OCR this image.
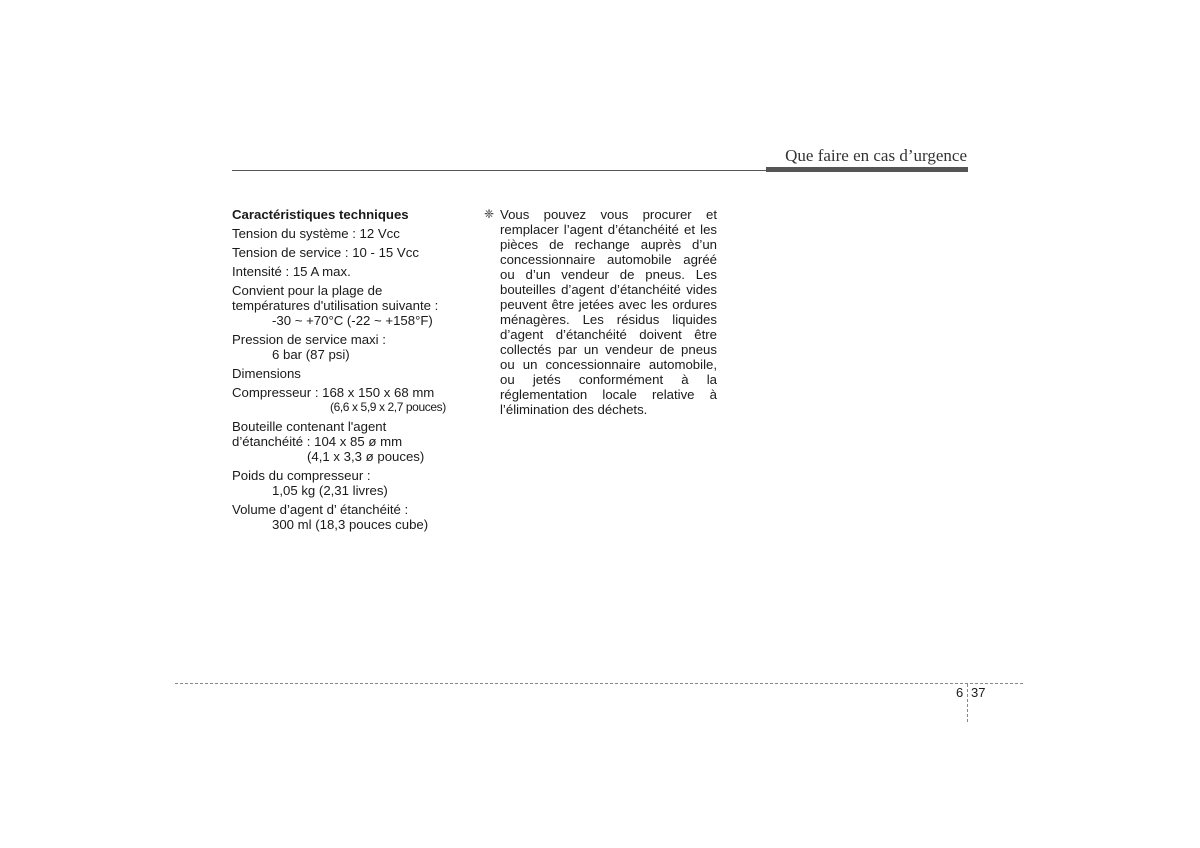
Que faire en cas d’urgence
Caractéristiques techniques
Tension du système : 12 Vcc
Tension de service : 10 - 15 Vcc
Intensité : 15 A max.
Convient pour la plage de
températures d'utilisation suivante :
-30 ~ +70°C (-22 ~ +158°F)
Pression de service maxi :
6 bar (87 psi)
Dimensions
Compresseur : 168 x 150 x 68 mm
(6,6 x 5,9 x 2,7 pouces)
Bouteille contenant l'agent
d’étanchéité : 104 x 85 ø mm
(4,1 x 3,3 ø pouces)
Poids du compresseur :
1,05 kg (2,31 livres)
Volume d’agent d’ étanchéité :
300 ml (18,3 pouces cube)
❈ Vous pouvez vous procurer et remplacer l’agent d’étanchéité et les pièces de rechange auprès d’un concessionnaire automobile agréé ou d’un vendeur de pneus. Les bouteilles d’agent d’étanchéité vides peuvent être jetées avec les ordures ménagères. Les résidus liquides d’agent d’étanchéité doivent être collectés par un vendeur de pneus ou un concessionnaire automobile, ou jetés conformément à la réglementation locale relative à l’élimination des déchets.
6 37
